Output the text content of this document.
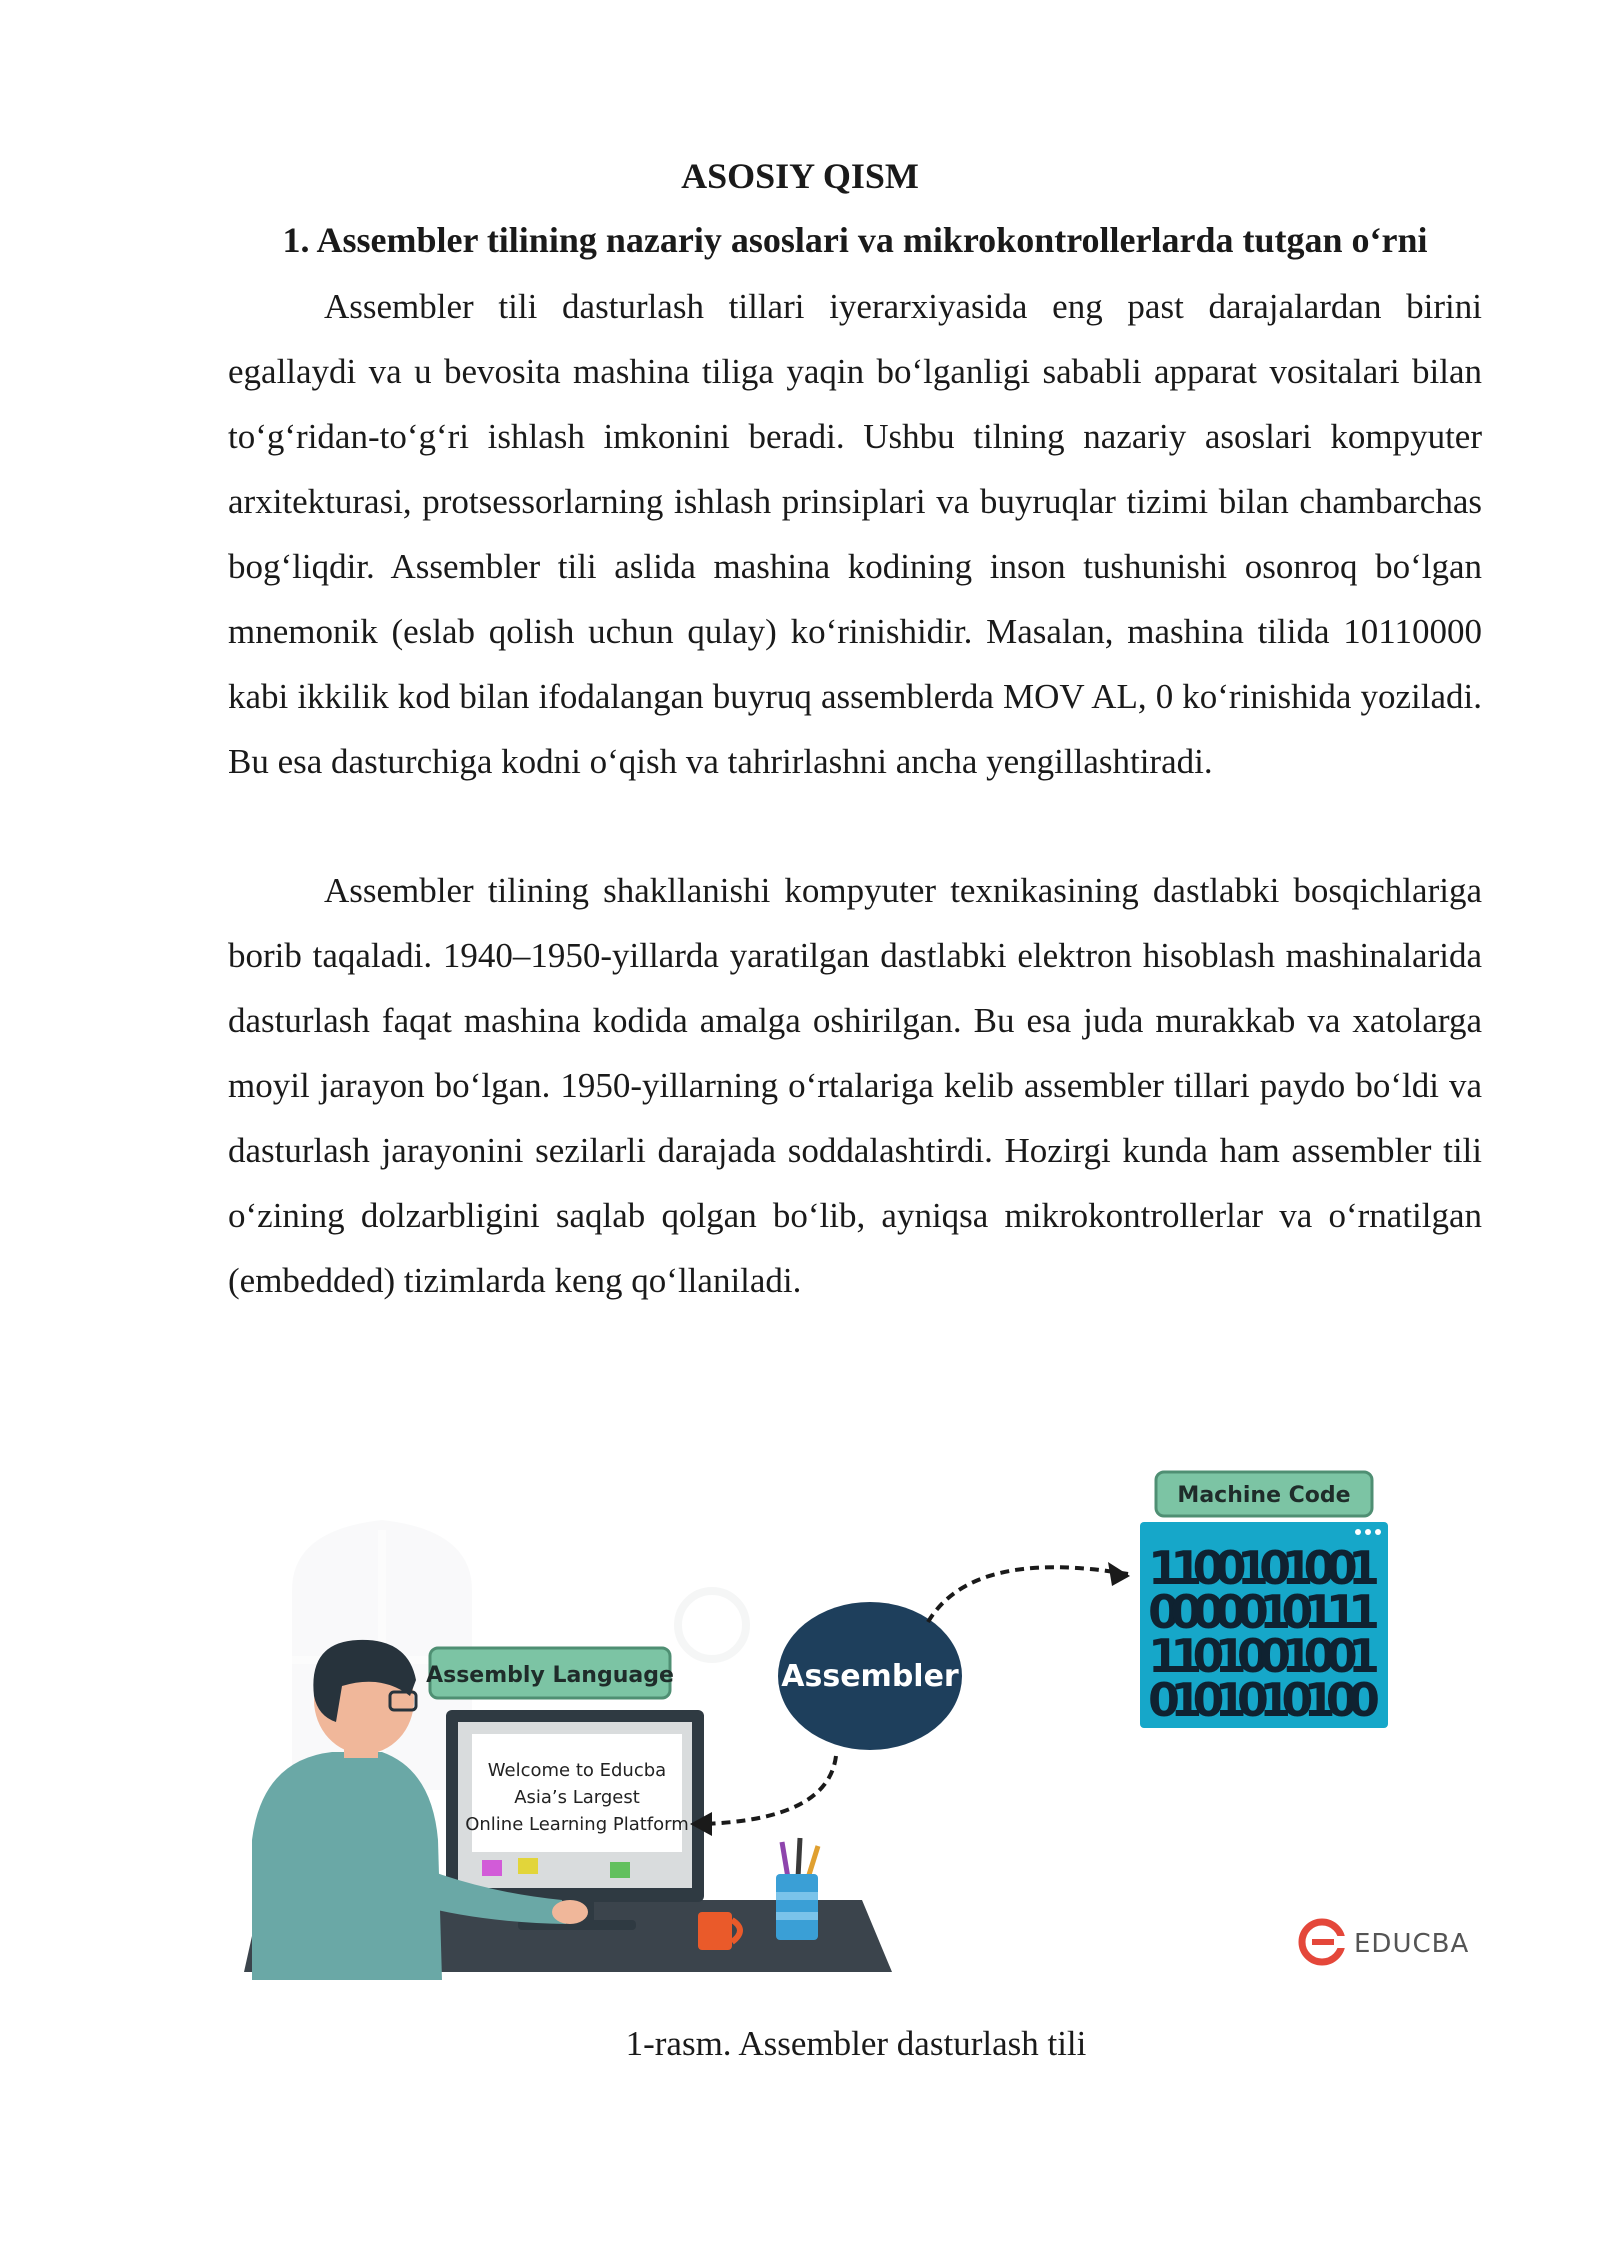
ASOSIY QISM
1. Assembler tilining nazariy asoslari va mikrokontrollerlarda tutgan o‘rni

Assembler tili dasturlash tillari iyerarxiyasida eng past darajalardan birini egallaydi va u bevosita mashina tiliga yaqin bo‘lganligi sababli apparat vositalari bilan to‘g‘ridan-to‘g‘ri ishlash imkonini beradi. Ushbu tilning nazariy asoslari kompyuter arxitekturasi, protsessorlarning ishlash prinsiplari va buyruqlar tizimi bilan chambarchas bog‘liqdir. Assembler tili aslida mashina kodining inson tushunishi osonroq bo‘lgan mnemonik (eslab qolish uchun qulay) ko‘rinishidir. Masalan, mashina tilida 10110000 kabi ikkilik kod bilan ifodalangan buyruq assemblerda MOV AL, 0 ko‘rinishida yoziladi. Bu esa dasturchiga kodni o‘qish va tahrirlashni ancha yengillashtiradi.

Assembler tilining shakllanishi kompyuter texnikasining dastlabki bosqichlariga borib taqaladi. 1940–1950-yillarda yaratilgan dastlabki elektron hisoblash mashinalarida dasturlash faqat mashina kodida amalga oshirilgan. Bu esa juda murakkab va xatolarga moyil jarayon bo‘lgan. 1950-yillarning o‘rtalariga kelib assembler tillari paydo bo‘ldi va dasturlash jarayonini sezilarli darajada soddalashtirdi. Hozirgi kunda ham assembler tili o‘zining dolzarbligini saqlab qolgan bo‘lib, ayniqsa mikrokontrollerlar va o‘rnatilgan (embedded) tizimlarda keng qo‘llaniladi.

Welcome to Educba
Asia’s Largest
Online Learning Platform
Assembly Language	Assembler
Machine Code
1100101001
0000010111
1101001001
0101010100
EDUCBA
1-rasm. Assembler dasturlash tili
